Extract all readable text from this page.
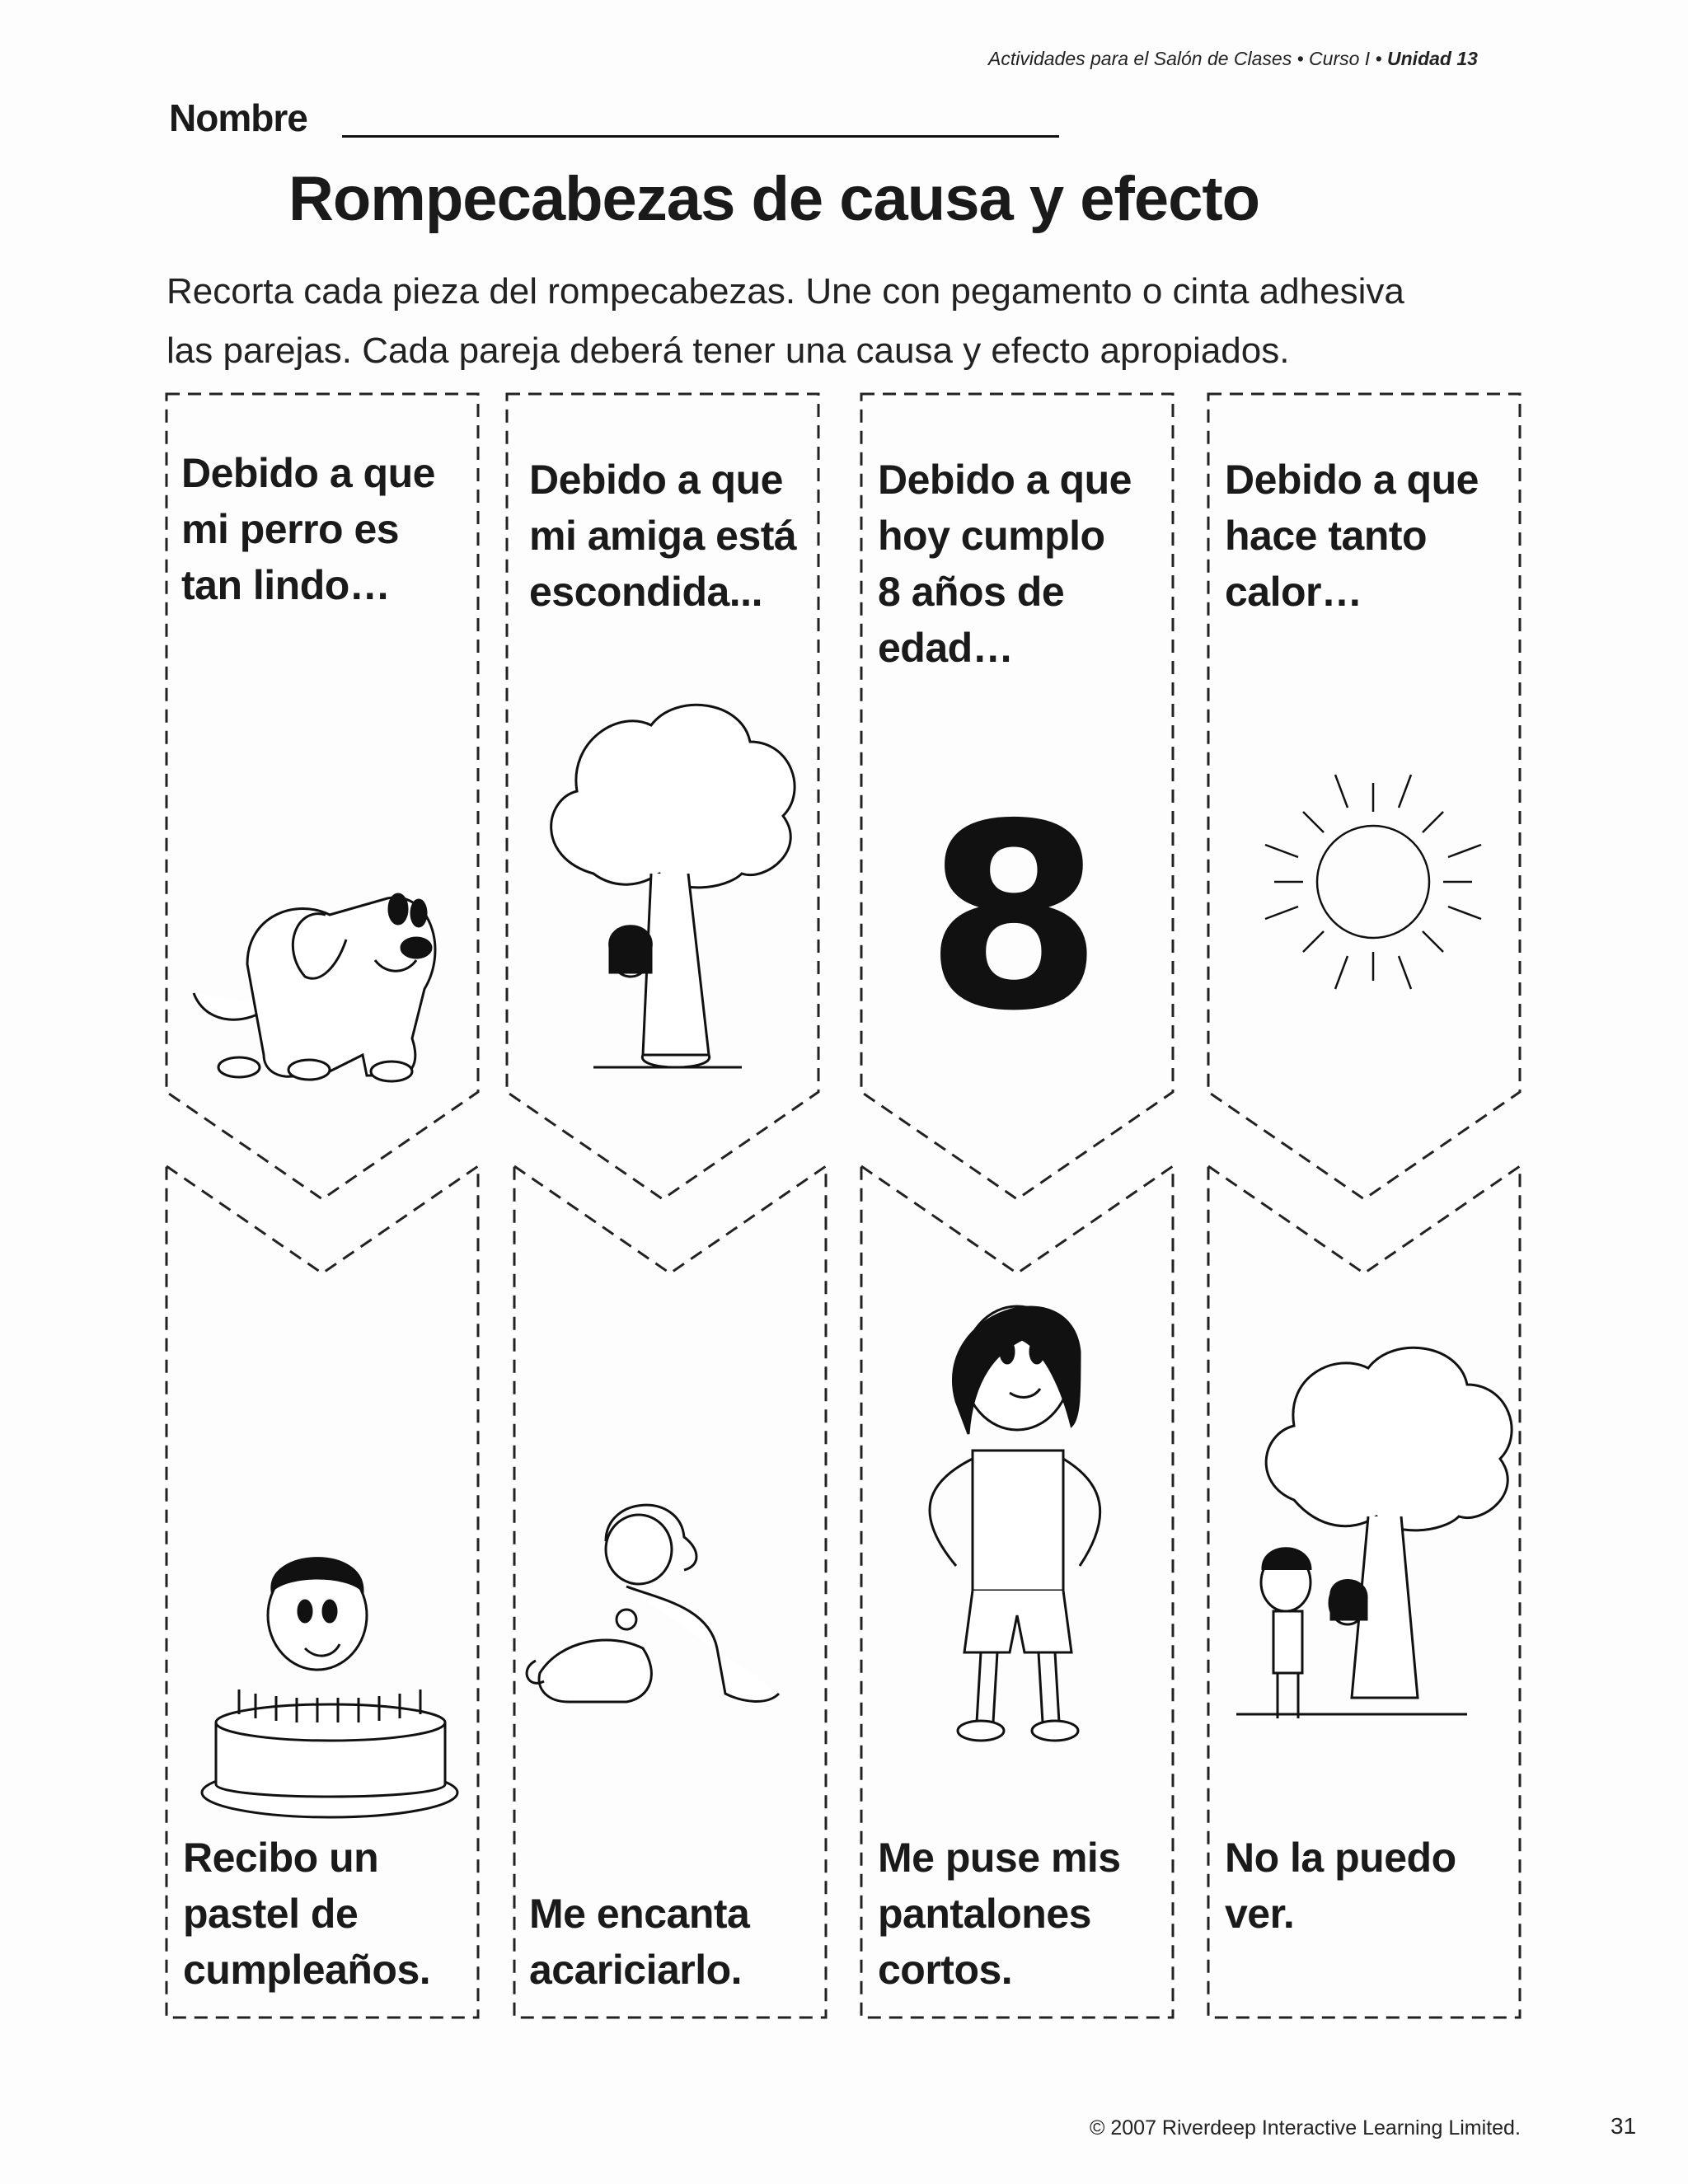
Actividades para el Salón de Clases • Curso I • Unidad 13
Nombre
Rompecabezas de causa y efecto
Recorta cada pieza del rompecabezas. Une con pegamento o cinta adhesiva
las parejas. Cada pareja deberá tener una causa y efecto apropiados.
Debido a que
mi perro es
tan lindo…
Debido a que
mi amiga está
escondida...
Debido a que
hoy cumplo
8 años de
edad…
8
Debido a que
hace tanto
calor…
Recibo un
pastel de
cumpleaños.
Me encanta
acariciarlo.
Me puse mis
pantalones
cortos.
No la puedo
ver.
© 2007 Riverdeep Interactive Learning Limited.	31
